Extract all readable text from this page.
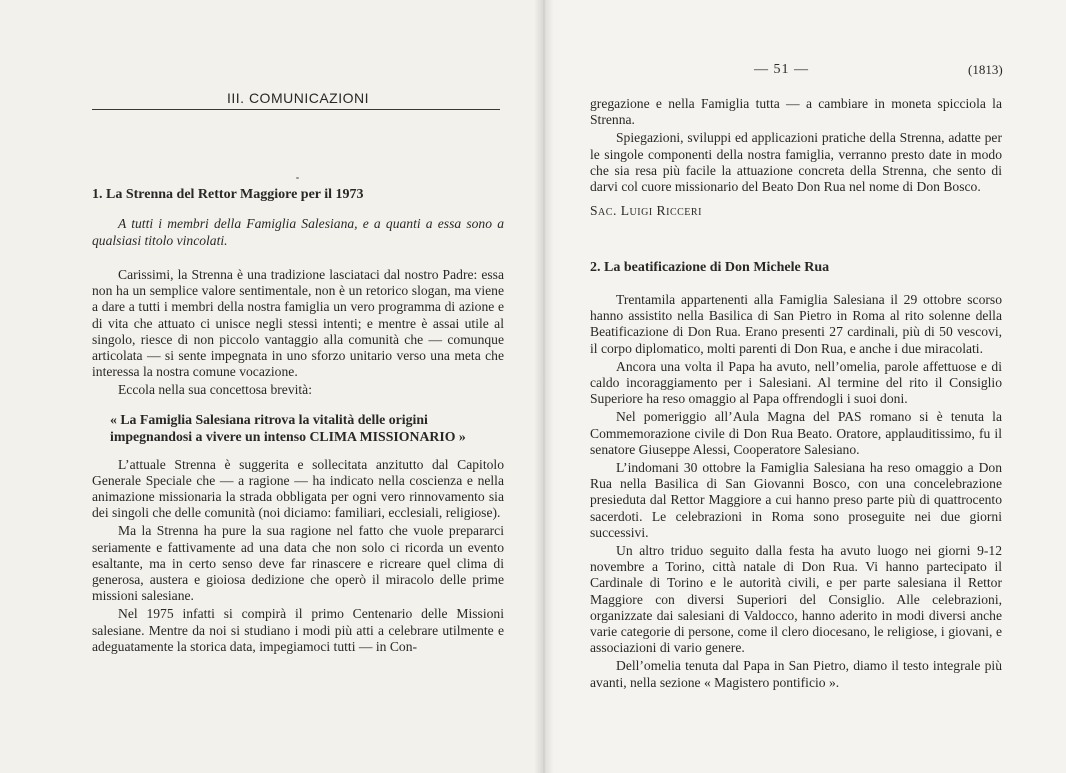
III. COMUNICAZIONI
1. La Strenna del Rettor Maggiore per il 1973
A tutti i membri della Famiglia Salesiana, e a quanti a essa sono a qualsiasi titolo vincolati.

Carissimi, la Strenna è una tradizione lasciataci dal nostro Padre: essa non ha un semplice valore sentimentale, non è un retorico slogan, ma viene a dare a tutti i membri della nostra famiglia un vero programma di azione e di vita che attuato ci unisce negli stessi intenti; e mentre è assai utile al singolo, riesce di non piccolo vantaggio alla comunità che — comunque articolata — si sente impegnata in uno sforzo unitario verso una meta che interessa la nostra comune vocazione.

Eccola nella sua concettosa brevità:

« La Famiglia Salesiana ritrova la vitalità delle origini impegnandosi a vivere un intenso CLIMA MISSIONARIO »

L’attuale Strenna è suggerita e sollecitata anzitutto dal Capitolo Generale Speciale che — a ragione — ha indicato nella coscienza e nella animazione missionaria la strada obbligata per ogni vero rinnovamento sia dei singoli che delle comunità (noi diciamo: familiari, ecclesiali, religiose).

Ma la Strenna ha pure la sua ragione nel fatto che vuole prepararci seriamente e fattivamente ad una data che non solo ci ricorda un evento esaltante, ma in certo senso deve far rinascere e ricreare quel clima di generosa, austera e gioiosa dedizione che operò il miracolo delle prime missioni salesiane.

Nel 1975 infatti si compirà il primo Centenario delle Missioni salesiane. Mentre da noi si studiano i modi più atti a celebrare utilmente e adeguatamente la storica data, impegiamoci tutti — in Con-

— 51 —	(1813)

gregazione e nella Famiglia tutta — a cambiare in moneta spicciola la Strenna.

Spiegazioni, sviluppi ed applicazioni pratiche della Strenna, adatte per le singole componenti della nostra famiglia, verranno presto date in modo che sia resa più facile la attuazione concreta della Strenna, che sento di darvi col cuore missionario del Beato Don Rua nel nome di Don Bosco.

Sac. Luigi Ricceri

2. La beatificazione di Don Michele Rua

Trentamila appartenenti alla Famiglia Salesiana il 29 ottobre scorso hanno assistito nella Basilica di San Pietro in Roma al rito solenne della Beatificazione di Don Rua. Erano presenti 27 cardinali, più di 50 vescovi, il corpo diplomatico, molti parenti di Don Rua, e anche i due miracolati.

Ancora una volta il Papa ha avuto, nell’omelia, parole affettuose e di caldo incoraggiamento per i Salesiani. Al termine del rito il Consiglio Superiore ha reso omaggio al Papa offrendogli i suoi doni.

Nel pomeriggio all’Aula Magna del PAS romano si è tenuta la Commemorazione civile di Don Rua Beato. Oratore, applauditissimo, fu il senatore Giuseppe Alessi, Cooperatore Salesiano.

L’indomani 30 ottobre la Famiglia Salesiana ha reso omaggio a Don Rua nella Basilica di San Giovanni Bosco, con una concelebrazione presieduta dal Rettor Maggiore a cui hanno preso parte più di quattrocento sacerdoti. Le celebrazioni in Roma sono proseguite nei due giorni successivi.

Un altro triduo seguito dalla festa ha avuto luogo nei giorni 9-12 novembre a Torino, città natale di Don Rua. Vi hanno partecipato il Cardinale di Torino e le autorità civili, e per parte salesiana il Rettor Maggiore con diversi Superiori del Consiglio. Alle celebrazioni, organizzate dai salesiani di Valdocco, hanno aderito in modi diversi anche varie categorie di persone, come il clero diocesano, le religiose, i giovani, e associazioni di vario genere.

Dell’omelia tenuta dal Papa in San Pietro, diamo il testo integrale più avanti, nella sezione « Magistero pontificio ».
